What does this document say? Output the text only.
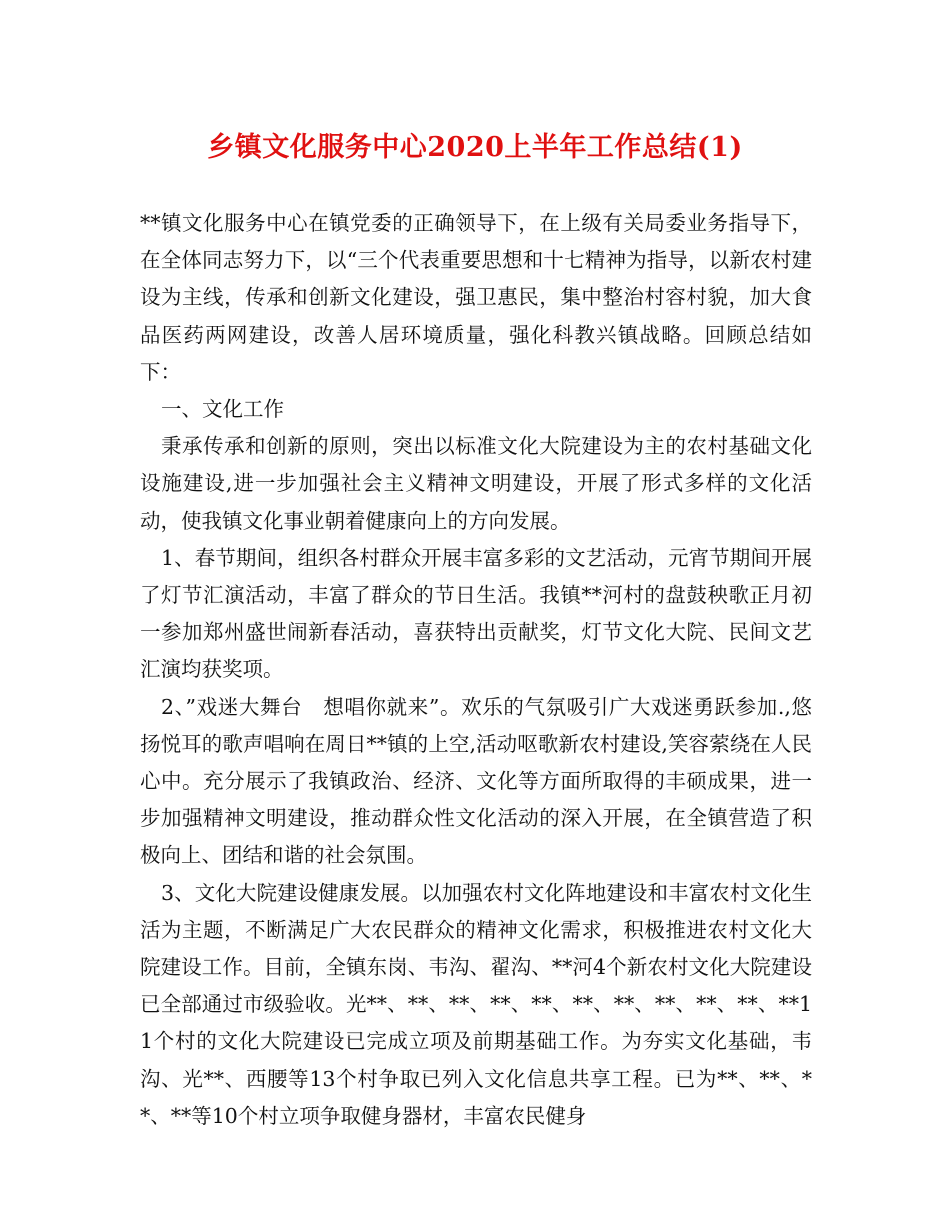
乡镇文化服务中心2020上半年工作总结(1)

**镇文化服务中心在镇党委的正确领导下，在上级有关局委业务指导下，在全体同志努力下，以“三个代表重要思想和十七精神为指导，以新农村建设为主线，传承和创新文化建设，强卫惠民，集中整治村容村貌，加大食品医药两网建设，改善人居环境质量，强化科教兴镇战略。回顾总结如下：

一、文化工作

秉承传承和创新的原则，突出以标准文化大院建设为主的农村基础文化设施建设,进一步加强社会主义精神文明建设，开展了形式多样的文化活动，使我镇文化事业朝着健康向上的方向发展。

1、春节期间，组织各村群众开展丰富多彩的文艺活动，元宵节期间开展了灯节汇演活动，丰富了群众的节日生活。我镇**河村的盘鼓秧歌正月初一参加郑州盛世闹新春活动，喜获特出贡献奖，灯节文化大院、民间文艺汇演均获奖项。

2、”戏迷大舞台　想唱你就来”。欢乐的气氛吸引广大戏迷勇跃参加.,悠扬悦耳的歌声唱响在周日**镇的上空,活动呕歌新农村建设,笑容萦绕在人民心中。充分展示了我镇政治、经济、文化等方面所取得的丰硕成果，进一步加强精神文明建设，推动群众性文化活动的深入开展，在全镇营造了积极向上、团结和谐的社会氛围。

3、文化大院建设健康发展。以加强农村文化阵地建设和丰富农村文化生活为主题，不断满足广大农民群众的精神文化需求，积极推进农村文化大院建设工作。目前，全镇东岗、韦沟、翟沟、**河4个新农村文化大院建设已全部通过市级验收。光**、**、**、**、**、**、**、**、**、**、**11个村的文化大院建设已完成立项及前期基础工作。为夯实文化基础，韦沟、光**、西腰等13个村争取已列入文化信息共享工程。已为**、**、**、**等10个村立项争取健身器材，丰富农民健身
